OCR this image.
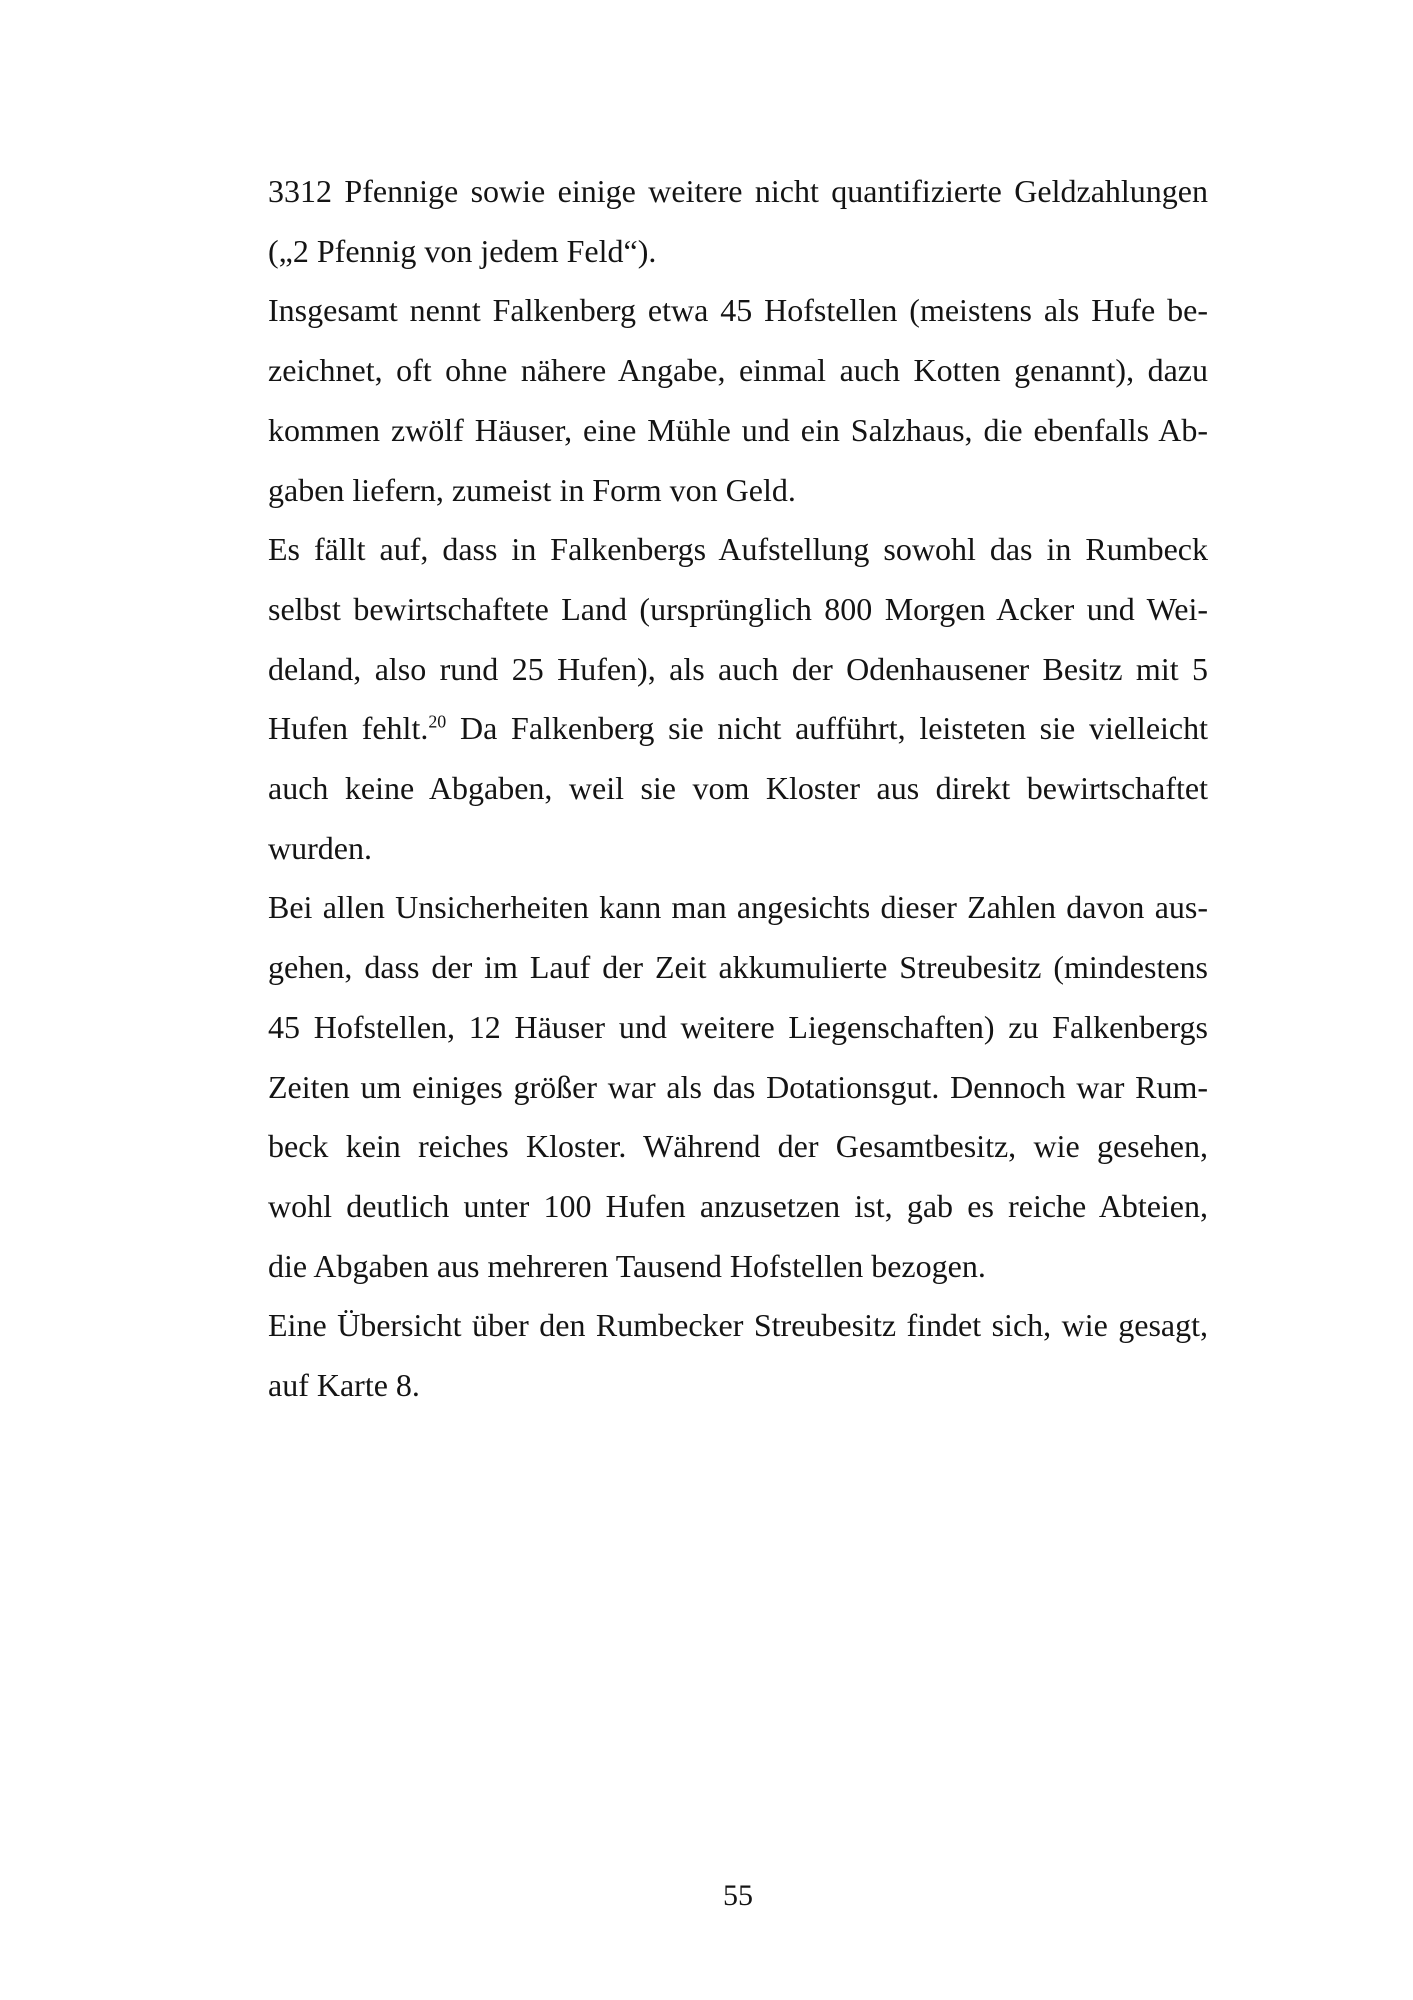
3312 Pfennige sowie einige weitere nicht quantifizierte Geldzahlungen
(„2 Pfennig von jedem Feld“).
Insgesamt nennt Falkenberg etwa 45 Hofstellen (meistens als Hufe be-
zeichnet, oft ohne nähere Angabe, einmal auch Kotten genannt), dazu
kommen zwölf Häuser, eine Mühle und ein Salzhaus, die ebenfalls Ab-
gaben liefern, zumeist in Form von Geld.
Es fällt auf, dass in Falkenbergs Aufstellung sowohl das in Rumbeck
selbst bewirtschaftete Land (ursprünglich 800 Morgen Acker und Wei-
deland, also rund 25 Hufen), als auch der Odenhausener Besitz mit 5
Hufen fehlt.$^{20}$ Da Falkenberg sie nicht aufführt, leisteten sie vielleicht
auch keine Abgaben, weil sie vom Kloster aus direkt bewirtschaftet
wurden.
Bei allen Unsicherheiten kann man angesichts dieser Zahlen davon aus-
gehen, dass der im Lauf der Zeit akkumulierte Streubesitz (mindestens
45 Hofstellen, 12 Häuser und weitere Liegenschaften) zu Falkenbergs
Zeiten um einiges größer war als das Dotationsgut. Dennoch war Rum-
beck kein reiches Kloster. Während der Gesamtbesitz, wie gesehen,
wohl deutlich unter 100 Hufen anzusetzen ist, gab es reiche Abteien,
die Abgaben aus mehreren Tausend Hofstellen bezogen.
Eine Übersicht über den Rumbecker Streubesitz findet sich, wie gesagt,
auf Karte 8.
55
